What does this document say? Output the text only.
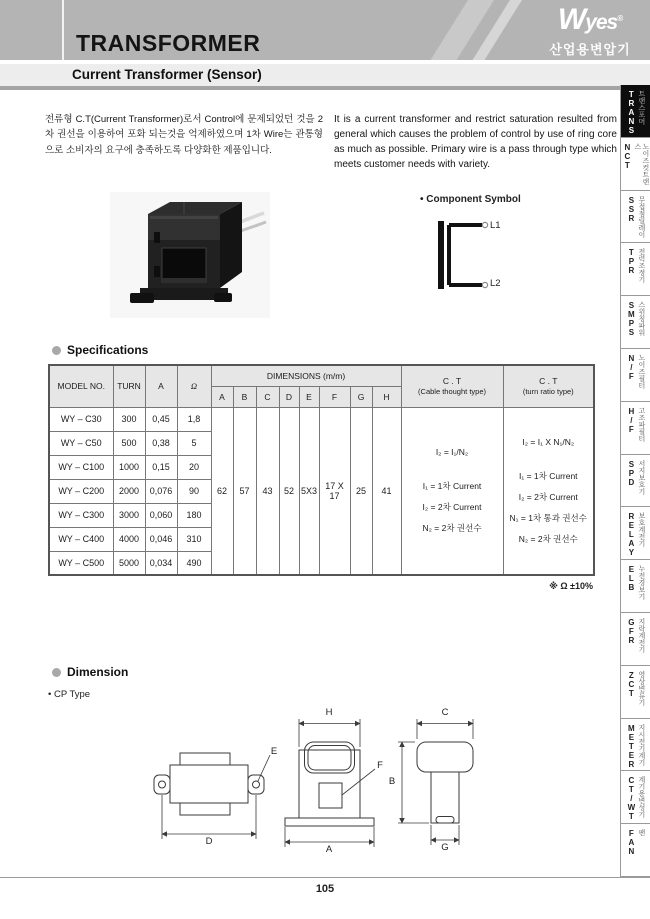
TRANSFORMER
Wyes®
산업용변압기
Current Transformer (Sensor)

전류형 C.T(Current Transformer)로서 Control에 문제되었던 것을 2차 권선을 이용하여 포화 되는것을 억제하였으며 1차 Wire는 관통형으로 소비자의 요구에 충족하도록 다양화한 제품입니다.

It is a current transformer and restrict saturation resulted from general which causes the problem of control by use of ring core as much as possible. Primary wire is a pass through type which meets customer needs with variety.

• Component Symbol
L1
L2
Specifications
MODEL NO.	TURN	A	Ω	DIMENSIONS (m/m)	
C . T
(Cable thought type)

C . T
(turn ratio type)

				A	B	C	D	E	F	G	H		
WY – C30	300	0,45	1,8	62	57	43	52	5X3	17 X 17	25	41	
I₂ = I₁/N₂
I₁ = 1차 Current
I₂ = 2차 Current
N₂ = 2차 권선수

I₂ = I₁ X N₁/N₂
I₁ = 1차 Current
I₂ = 2차 Current
N₁ = 1차 통과 권선수
N₂ = 2차 권선수

WY – C50	500	0,38	5										
WY – C100	1000	0,15	20										
WY – C200	2000	0,076	90										
WY – C300	3000	0,060	180										
WY – C400	4000	0,046	310										
WY – C500	5000	0,034	490										
※ Ω ±10%
Dimension
• CP Type
D
E
H
F
A
C
B
G
TRANS 트랜스포머
NCT	노이즈컷트랜스
SSR 무접점릴레이
TPR 전력조정기
SMPS 스위칭파워
N/F 노이즈필터
H/F 고조파필터
SPD 서지보호기
RELAY 보호계전기
ELB 누전경보기
GFR 지락계전기
ZCT 영상변류기
METER 지시전기계기
CT/WT 계기용변성기
FAN 팬
105
